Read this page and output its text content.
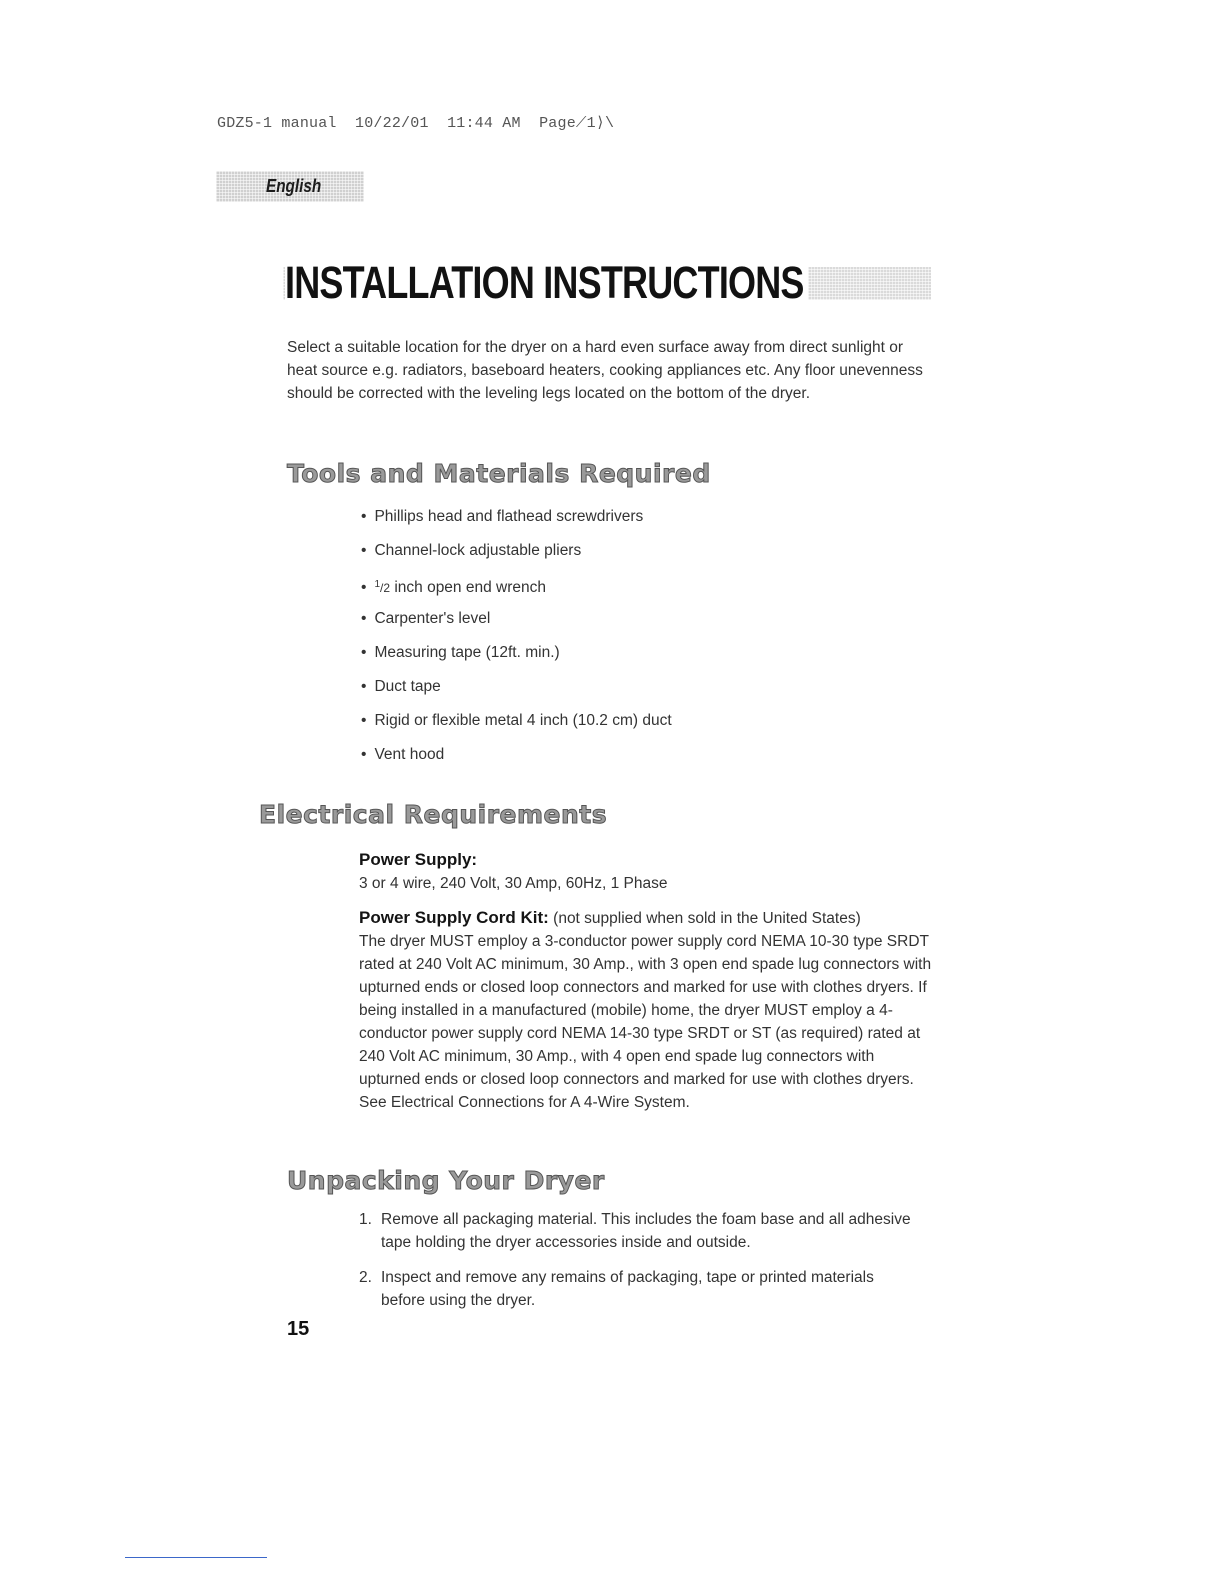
GDZ5-1 manual 10/22/01 11:44 AM Page⟋1⟩\
English
INSTALLATION INSTRUCTIONS

Select a suitable location for the dryer on a hard even surface away from direct sunlight or heat source e.g. radiators, baseboard heaters, cooking appliances etc. Any floor unevenness should be corrected with the leveling legs located on the bottom of the dryer.

Tools and Materials Required
• Phillips head and flathead screwdrivers
• Channel-lock adjustable pliers
• $^1$/2 inch open end wrench
• Carpenter's level
• Measuring tape (12ft. min.)
• Duct tape
• Rigid or flexible metal 4 inch (10.2 cm) duct
• Vent hood
Electrical Requirements

Power Supply:

3 or 4 wire, 240 Volt, 30 Amp, 60Hz, 1 Phase

Power Supply Cord Kit: (not supplied when sold in the United States)

The dryer MUST employ a 3-conductor power supply cord NEMA 10-30 type SRDT rated at 240 Volt AC minimum, 30 Amp., with 3 open end spade lug connectors with upturned ends or closed loop connectors and marked for use with clothes dryers. If being installed in a manufactured (mobile) home, the dryer MUST employ a 4-conductor power supply cord NEMA 14-30 type SRDT or ST (as required) rated at 240 Volt AC minimum, 30 Amp., with 4 open end spade lug connectors with upturned ends or closed loop connectors and marked for use with clothes dryers. See Electrical Connections for A 4-Wire System.

Unpacking Your Dryer
1. Remove all packaging material. This includes the foam base and all adhesive tape holding the dryer accessories inside and outside.
2. Inspect and remove any remains of packaging, tape or printed materials before using the dryer.
15
